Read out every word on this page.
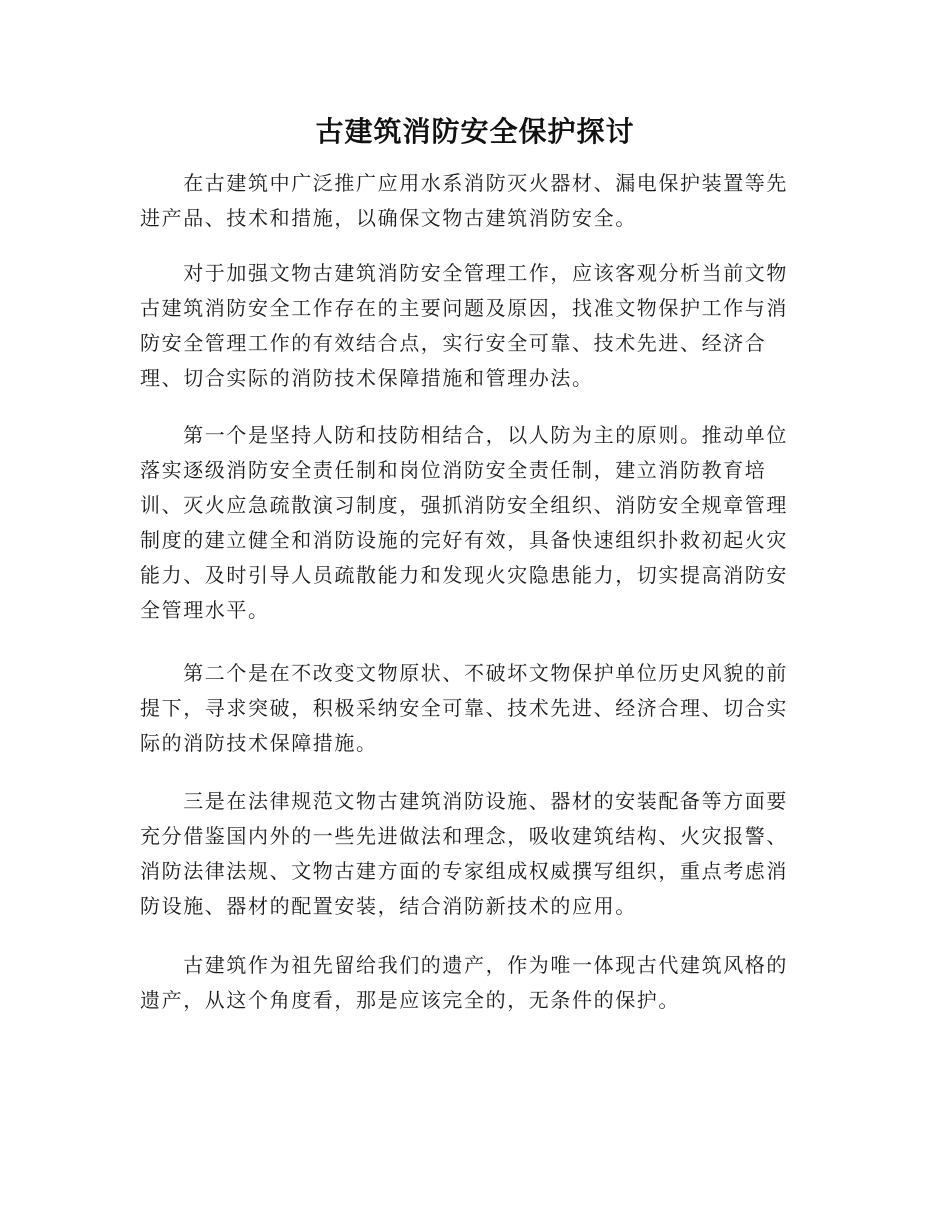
古建筑消防安全保护探讨

　　在古建筑中广泛推广应用水系消防灭火器材、漏电保护装置等先
进产品、技术和措施，以确保文物古建筑消防安全。

　　对于加强文物古建筑消防安全管理工作，应该客观分析当前文物
古建筑消防安全工作存在的主要问题及原因，找准文物保护工作与消
防安全管理工作的有效结合点，实行安全可靠、技术先进、经济合
理、切合实际的消防技术保障措施和管理办法。

　　第一个是坚持人防和技防相结合，以人防为主的原则。推动单位
落实逐级消防安全责任制和岗位消防安全责任制，建立消防教育培
训、灭火应急疏散演习制度，强抓消防安全组织、消防安全规章管理
制度的建立健全和消防设施的完好有效，具备快速组织扑救初起火灾
能力、及时引导人员疏散能力和发现火灾隐患能力，切实提高消防安
全管理水平。

　　第二个是在不改变文物原状、不破坏文物保护单位历史风貌的前
提下，寻求突破，积极采纳安全可靠、技术先进、经济合理、切合实
际的消防技术保障措施。

　　三是在法律规范文物古建筑消防设施、器材的安装配备等方面要
充分借鉴国内外的一些先进做法和理念，吸收建筑结构、火灾报警、
消防法律法规、文物古建方面的专家组成权威撰写组织，重点考虑消
防设施、器材的配置安装，结合消防新技术的应用。

　　古建筑作为祖先留给我们的遗产，作为唯一体现古代建筑风格的
遗产，从这个角度看，那是应该完全的，无条件的保护。
